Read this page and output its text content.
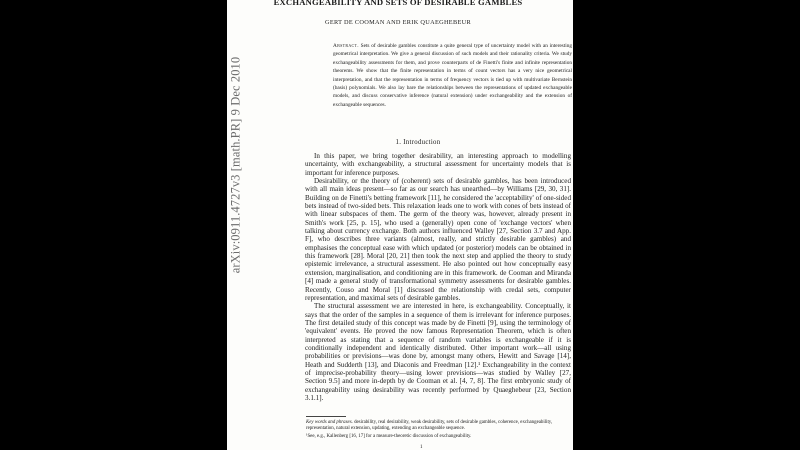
arXiv:0911.4727v3 [math.PR] 9 Dec 2010
EXCHANGEABILITY AND SETS OF DESIRABLE GAMBLES
GERT DE COOMAN AND ERIK QUAEGHEBEUR
Abstract. Sets of desirable gambles constitute a quite general type of uncertainty model with an interesting geometrical interpretation. We give a general discussion of such models and their rationality criteria. We study exchangeability assessments for them, and prove counterparts of de Finetti's finite and infinite representation theorems. We show that the finite representation in terms of count vectors has a very nice geometrical interpretation, and that the representation in terms of frequency vectors is tied up with multivariate Bernstein (basis) polynomials. We also lay bare the relationships between the representations of updated exchangeable models, and discuss conservative inference (natural extension) under exchangeability and the extension of exchangeable sequences.
1. Introduction

In this paper, we bring together desirability, an interesting approach to modelling uncertainty, with exchangeability, a structural assessment for uncertainty models that is important for inference purposes.

Desirability, or the theory of (coherent) sets of desirable gambles, has been introduced with all main ideas present—so far as our search has unearthed—by Williams [29, 30, 31]. Building on de Finetti's betting framework [11], he considered the 'acceptability' of one-sided bets instead of two-sided bets. This relaxation leads one to work with cones of bets instead of with linear subspaces of them. The germ of the theory was, however, already present in Smith's work [25, p. 15], who used a (generally) open cone of 'exchange vectors' when talking about currency exchange. Both authors influenced Walley [27, Section 3.7 and App. F], who describes three variants (almost, really, and strictly desirable gambles) and emphasises the conceptual ease with which updated (or posterior) models can be obtained in this framework [28]. Moral [20, 21] then took the next step and applied the theory to study epistemic irrelevance, a structural assessment. He also pointed out how conceptually easy extension, marginalisation, and conditioning are in this framework. de Cooman and Miranda [4] made a general study of transformational symmetry assessments for desirable gambles. Recently, Couso and Moral [1] discussed the relationship with credal sets, computer representation, and maximal sets of desirable gambles.

The structural assessment we are interested in here, is exchangeability. Conceptually, it says that the order of the samples in a sequence of them is irrelevant for inference purposes. The first detailed study of this concept was made by de Finetti [9], using the terminology of 'equivalent' events. He proved the now famous Representation Theorem, which is often interpreted as stating that a sequence of random variables is exchangeable if it is conditionally independent and identically distributed. Other important work—all using probabilities or previsions—was done by, amongst many others, Hewitt and Savage [14], Heath and Sudderth [13], and Diaconis and Freedman [12].¹ Exchangeability in the context of imprecise-probability theory—using lower previsions—was studied by Walley [27, Section 9.5] and more in-depth by de Cooman et al. [4, 7, 8]. The first embryonic study of exchangeability using desirability was recently performed by Quaeghebeur [23, Section 3.1.1].

Key words and phrases. desirability, real desirability, weak desirability, sets of desirable gambles, coherence, exchangeability, representation, natural extension, updating, extending an exchangeable sequence.
¹See, e.g., Kallenberg [16, 17] for a measure-theoretic discussion of exchangeability.
1
